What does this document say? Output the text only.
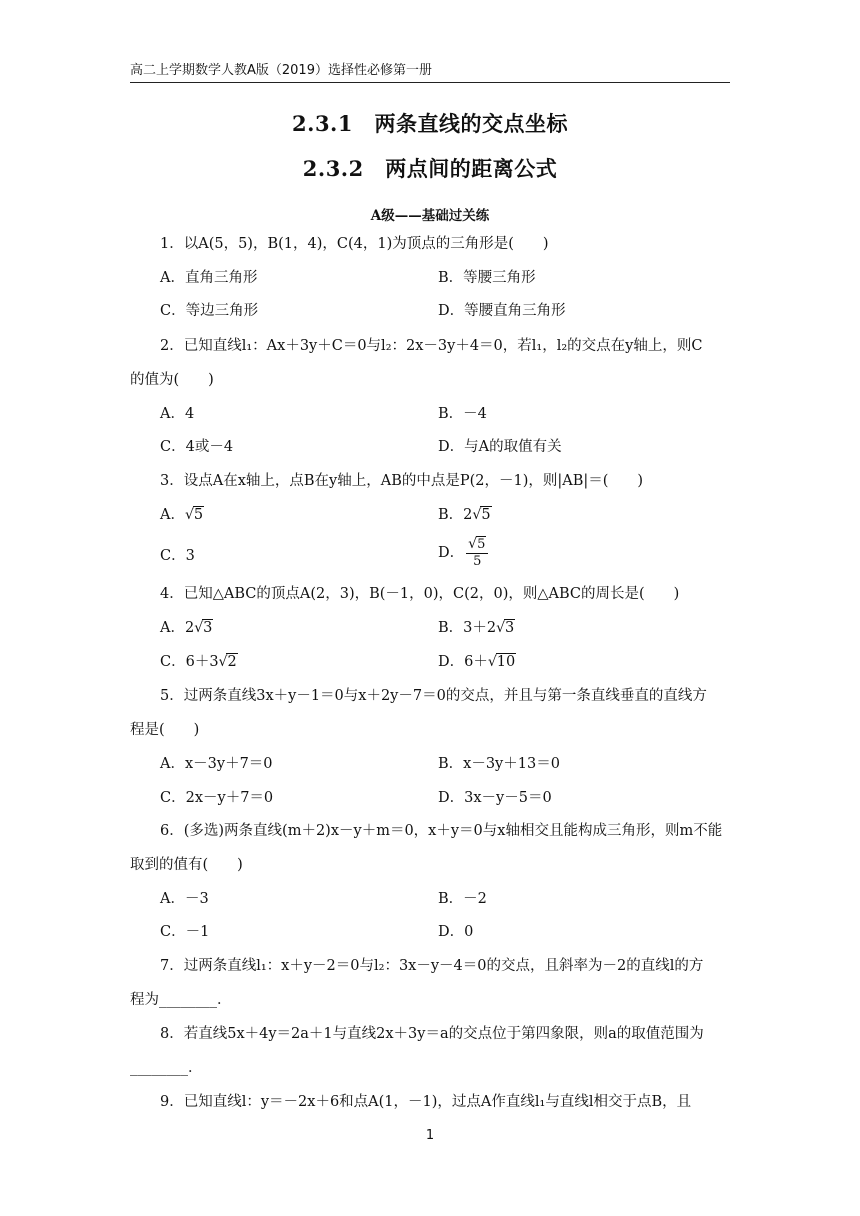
高二上学期数学人教A版（2019）选择性必修第一册
2.3.1　两条直线的交点坐标
2.3.2　两点间的距离公式
A级——基础过关练
1．以A(5，5)，B(1，4)，C(4，1)为顶点的三角形是(　　)
A．直角三角形	B．等腰三角形
C．等边三角形	D．等腰直角三角形
2．已知直线l₁：Ax＋3y＋C＝0与l₂：2x－3y＋4＝0，若l₁，l₂的交点在y轴上，则C
的值为(　　)
A．4	B．－4
C．4或－4	D．与A的取值有关
3．设点A在x轴上，点B在y轴上，AB的中点是P(2，－1)，则|AB|＝(　　)
A．√5	B．2√5
C．3	D． $\frac{√5}{5}$
4．已知△ABC的顶点A(2，3)，B(－1，0)，C(2，0)，则△ABC的周长是(　　)
A．2√3	B．3＋2√3
C．6＋3√2	D．6＋√10
5．过两条直线3x＋y－1＝0与x＋2y－7＝0的交点，并且与第一条直线垂直的直线方
程是(　　)
A．x－3y＋7＝0	B．x－3y＋13＝0
C．2x－y＋7＝0	D．3x－y－5＝0
6．(多选)两条直线(m＋2)x－y＋m＝0，x＋y＝0与x轴相交且能构成三角形，则m不能
取到的值有(　　)
A．－3	B．－2
C．－1	D．0
7．过两条直线l₁：x＋y－2＝0与l₂：3x－y－4＝0的交点，且斜率为－2的直线l的方
程为________．
8．若直线5x＋4y＝2a＋1与直线2x＋3y＝a的交点位于第四象限，则a的取值范围为
________．
9．已知直线l：y＝－2x＋6和点A(1，－1)，过点A作直线l₁与直线l相交于点B，且
1
